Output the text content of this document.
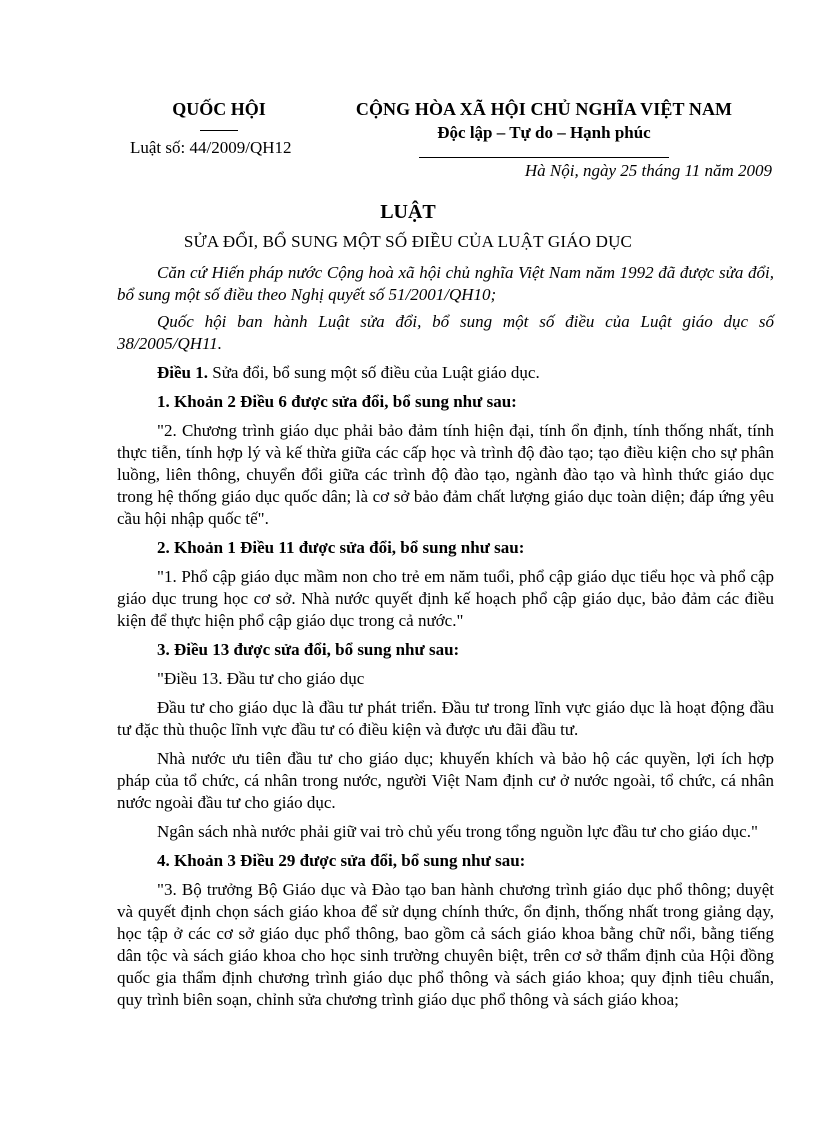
QUỐC HỘI
Luật số: 44/2009/QH12
CỘNG HÒA XÃ HỘI CHỦ NGHĨA VIỆT NAM
Độc lập – Tự do – Hạnh phúc
Hà Nội, ngày 25 tháng 11 năm 2009
LUẬT
SỬA ĐỔI, BỔ SUNG MỘT SỐ ĐIỀU CỦA LUẬT GIÁO DỤC

Căn cứ Hiến pháp nước Cộng hoà xã hội chủ nghĩa Việt Nam năm 1992 đã được sửa đổi, bổ sung một số điều theo Nghị quyết số 51/2001/QH10;

Quốc hội ban hành Luật sửa đổi, bổ sung một số điều của Luật giáo dục số 38/2005/QH11.

Điều 1. Sửa đổi, bổ sung một số điều của Luật giáo dục.

1. Khoản 2 Điều 6 được sửa đổi, bổ sung như sau:

"2. Chương trình giáo dục phải bảo đảm tính hiện đại, tính ổn định, tính thống nhất, tính thực tiễn, tính hợp lý và kế thừa giữa các cấp học và trình độ đào tạo; tạo điều kiện cho sự phân luồng, liên thông, chuyển đổi giữa các trình độ đào tạo, ngành đào tạo và hình thức giáo dục trong hệ thống giáo dục quốc dân; là cơ sở bảo đảm chất lượng giáo dục toàn diện; đáp ứng yêu cầu hội nhập quốc tế".

2. Khoản 1 Điều 11 được sửa đổi, bổ sung như sau:

"1. Phổ cập giáo dục mầm non cho trẻ em năm tuổi, phổ cập giáo dục tiểu học và phổ cập giáo dục trung học cơ sở. Nhà nước quyết định kế hoạch phổ cập giáo dục, bảo đảm các điều kiện để thực hiện phổ cập giáo dục trong cả nước."

3. Điều 13 được sửa đổi, bổ sung như sau:

"Điều 13. Đầu tư cho giáo dục

Đầu tư cho giáo dục là đầu tư phát triển. Đầu tư trong lĩnh vực giáo dục là hoạt động đầu tư đặc thù thuộc lĩnh vực đầu tư có điều kiện và được ưu đãi đầu tư.

Nhà nước ưu tiên đầu tư cho giáo dục; khuyến khích và bảo hộ các quyền, lợi ích hợp pháp của tổ chức, cá nhân trong nước, người Việt Nam định cư ở nước ngoài, tổ chức, cá nhân nước ngoài đầu tư cho giáo dục.

Ngân sách nhà nước phải giữ vai trò chủ yếu trong tổng nguồn lực đầu tư cho giáo dục."

4. Khoản 3 Điều 29 được sửa đổi, bổ sung như sau:

"3. Bộ trưởng Bộ Giáo dục và Đào tạo ban hành chương trình giáo dục phổ thông; duyệt và quyết định chọn sách giáo khoa để sử dụng chính thức, ổn định, thống nhất trong giảng dạy, học tập ở các cơ sở giáo dục phổ thông, bao gồm cả sách giáo khoa bằng chữ nổi, bằng tiếng dân tộc và sách giáo khoa cho học sinh trường chuyên biệt, trên cơ sở thẩm định của Hội đồng quốc gia thẩm định chương trình giáo dục phổ thông và sách giáo khoa; quy định tiêu chuẩn, quy trình biên soạn, chỉnh sửa chương trình giáo dục phổ thông và sách giáo khoa;
